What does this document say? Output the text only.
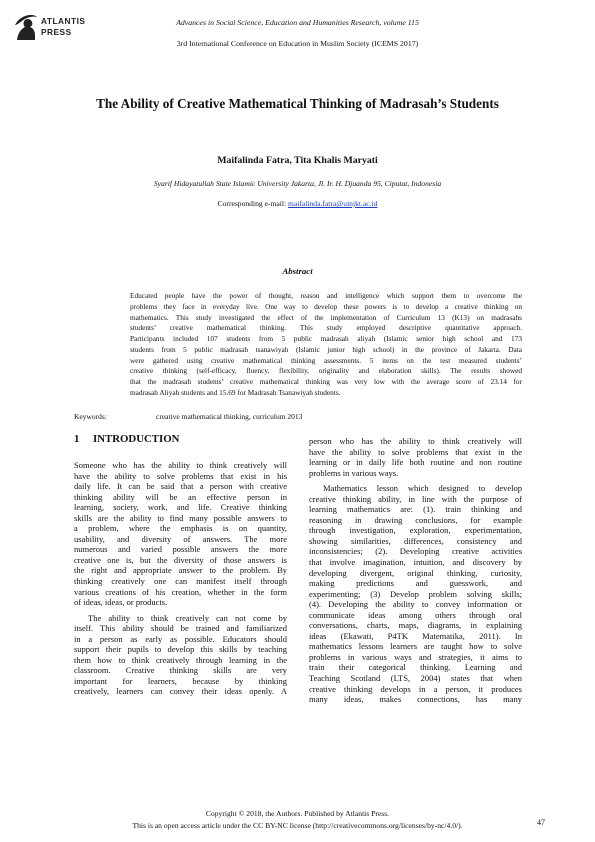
ATLANTIS
PRESS
Advances in Social Science, Education and Humanities Research, volume 115
3rd International Conference on Education in Muslim Society (ICEMS 2017)
The Ability of Creative Mathematical Thinking of Madrasah’s Students
Maifalinda Fatra, Tita Khalis Maryati
Syarif Hidayatullah State Islamic University Jakarta, Jl. Ir. H. Djuanda 95, Ciputat, Indonesia
Corresponding e-mail: maifalinda.fatra@uinjkt.ac.id
Abstract
Educated people have the power of thought, reason and intelligence which support them to overcome the
problems they face in everyday live. One way to develop these powers is to develop a creative thinking on
mathematics. This study investigated the effect of the implementation of Curriculum 13 (K13) on madrasahs
students’ creative mathematical thinking. This study employed descriptive quantitative approach.
Participants included 107 students from 5 public madrasah aliyah (Islamic senior high school and 173
students from 5 public madrasah tsanawiyah (Islamic junior high school) in the province of Jakarta. Data
were gathered using creative mathematical thinking assessments. 5 items on the test measured students’
creative thinking (self-efficacy, fluency, flexibility, originality and elaboration skills). The results showed
that the madrasah students’ creative mathematical thinking was very low with the average score of 23.14 for
madrasah Aliyah students and 15.69 for Madrasah Tsanawiyah students.
Keywords:	creative mathematical thinking, curriculum 2013
1 INTRODUCTION
Someone who has the ability to think creatively will
have the ability to solve problems that exist in his
daily life. It can be said that a person with creative
thinking ability will be an effective person in
learning, society, work, and life. Creative thinking
skills are the ability to find many possible answers to
a problem, where the emphasis is on quantity,
usability, and diversity of answers. The more
numerous and varied possible answers the more
creative one is, but the diversity of those answers is
the right and appropriate answer to the problem. By
thinking creatively one can manifest itself through
various creations of his creation, whether in the form
of ideas, ideas, or products.
The ability to think creatively can not come by
itself. This ability should be trained and familiarized
in a person as early as possible. Educators should
support their pupils to develop this skills by teaching
them how to think creatively through learning in the
classroom. Creative thinking skills are very
important for learners, because by thinking
creatively, learners can convey their ideas openly. A
person who has the ability to think creatively will
have the ability to solve problems that exist in the
learning or in daily life both routine and non routine
problems in various ways.
Mathematics lesson which designed to develop
creative thinking ability, in line with the purpose of
learning mathematics are: (1). train thinking and
reasoning in drawing conclusions, for example
through investigation, exploration, experimentation,
showing similarities, differences, consistency and
inconsistencies; (2). Developing creative activities
that involve imagination, intuition, and discovery by
developing divergent, original thinking, curiosity,
making predictions and guesswork, and
experimenting; (3) Develop problem solving skills;
(4). Developing the ability to convey information or
communicate ideas among others through oral
conversations, charts, maps, diagrams, in explaining
ideas (Ekawati, P4TK Matematika, 2011). In
mathematics lessons learners are taught how to solve
problems in various ways and strategies, it aims to
train their categorical thinking. Learning and
Teaching Scotland (LTS, 2004) states that when
creative thinking develops in a person, it produces
many ideas, makes connections, has many
Copyright © 2018, the Authors. Published by Atlantis Press.
This is an open access article under the CC BY-NC license (http://creativecommons.org/licenses/by-nc/4.0/).	47
